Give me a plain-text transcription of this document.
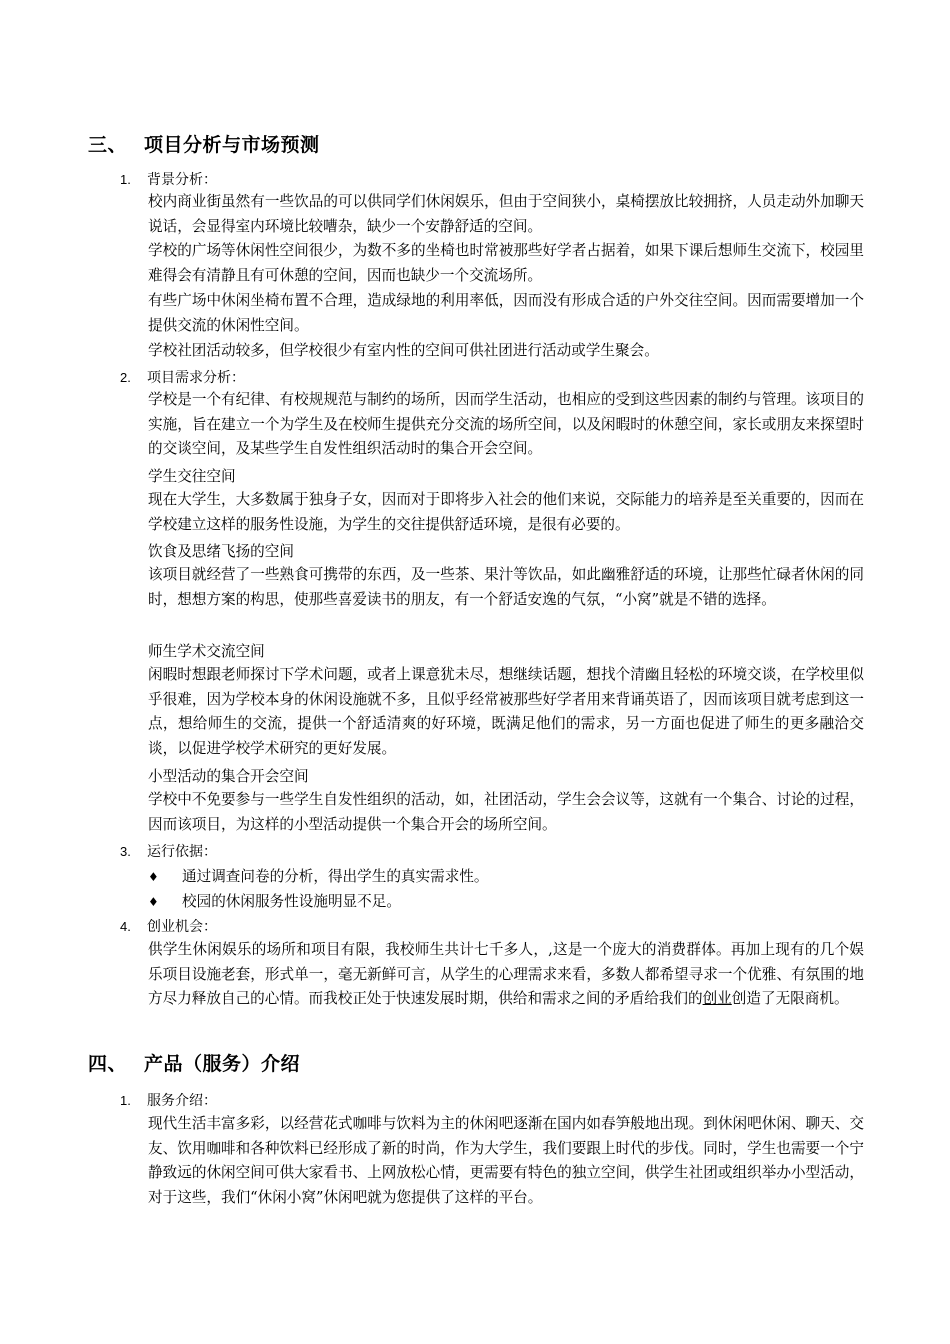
三、 项目分析与市场预测
1. 背景分析：

校内商业街虽然有一些饮品的可以供同学们休闲娱乐，但由于空间狭小，桌椅摆放比较拥挤，人员走动外加聊天说话，会显得室内环境比较嘈杂，缺少一个安静舒适的空间。

学校的广场等休闲性空间很少，为数不多的坐椅也时常被那些好学者占据着，如果下课后想师生交流下，校园里难得会有清静且有可休憩的空间，因而也缺少一个交流场所。

有些广场中休闲坐椅布置不合理，造成绿地的利用率低，因而没有形成合适的户外交往空间。因而需要增加一个提供交流的休闲性空间。

学校社团活动较多，但学校很少有室内性的空间可供社团进行活动或学生聚会。

2. 项目需求分析：

学校是一个有纪律、有校规规范与制约的场所，因而学生活动，也相应的受到这些因素的制约与管理。该项目的实施，旨在建立一个为学生及在校师生提供充分交流的场所空间，以及闲暇时的休憩空间，家长或朋友来探望时的交谈空间，及某些学生自发性组织活动时的集合开会空间。

学生交往空间

现在大学生，大多数属于独身子女，因而对于即将步入社会的他们来说，交际能力的培养是至关重要的，因而在学校建立这样的服务性设施，为学生的交往提供舒适环境，是很有必要的。

饮食及思绪飞扬的空间

该项目就经营了一些熟食可携带的东西，及一些茶、果汁等饮品，如此幽雅舒适的环境，让那些忙碌者休闲的同时，想想方案的构思，使那些喜爱读书的朋友，有一个舒适安逸的气氛，“小窝”就是不错的选择。

师生学术交流空间

闲暇时想跟老师探讨下学术问题，或者上课意犹未尽，想继续话题，想找个清幽且轻松的环境交谈，在学校里似乎很难，因为学校本身的休闲设施就不多，且似乎经常被那些好学者用来背诵英语了，因而该项目就考虑到这一点，想给师生的交流，提供一个舒适清爽的好环境，既满足他们的需求，另一方面也促进了师生的更多融洽交谈，以促进学校学术研究的更好发展。

小型活动的集合开会空间

学校中不免要参与一些学生自发性组织的活动，如，社团活动，学生会会议等，这就有一个集合、讨论的过程，因而该项目，为这样的小型活动提供一个集合开会的场所空间。

3. 运行依据：
♦ 通过调查问卷的分析，得出学生的真实需求性。
♦ 校园的休闲服务性设施明显不足。
4. 创业机会：

供学生休闲娱乐的场所和项目有限，我校师生共计七千多人，,这是一个庞大的消费群体。再加上现有的几个娱乐项目设施老套，形式单一，毫无新鲜可言，从学生的心理需求来看，多数人都希望寻求一个优雅、有氛围的地方尽力释放自己的心情。而我校正处于快速发展时期，供给和需求之间的矛盾给我们的创业创造了无限商机。

四、 产品（服务）介绍
1. 服务介绍：

现代生活丰富多彩，以经营花式咖啡与饮料为主的休闲吧逐渐在国内如春笋般地出现。到休闲吧休闲、聊天、交友、饮用咖啡和各种饮料已经形成了新的时尚，作为大学生，我们要跟上时代的步伐。同时，学生也需要一个宁静致远的休闲空间可供大家看书、上网放松心情，更需要有特色的独立空间，供学生社团或组织举办小型活动，对于这些，我们“休闲小窝”休闲吧就为您提供了这样的平台。
